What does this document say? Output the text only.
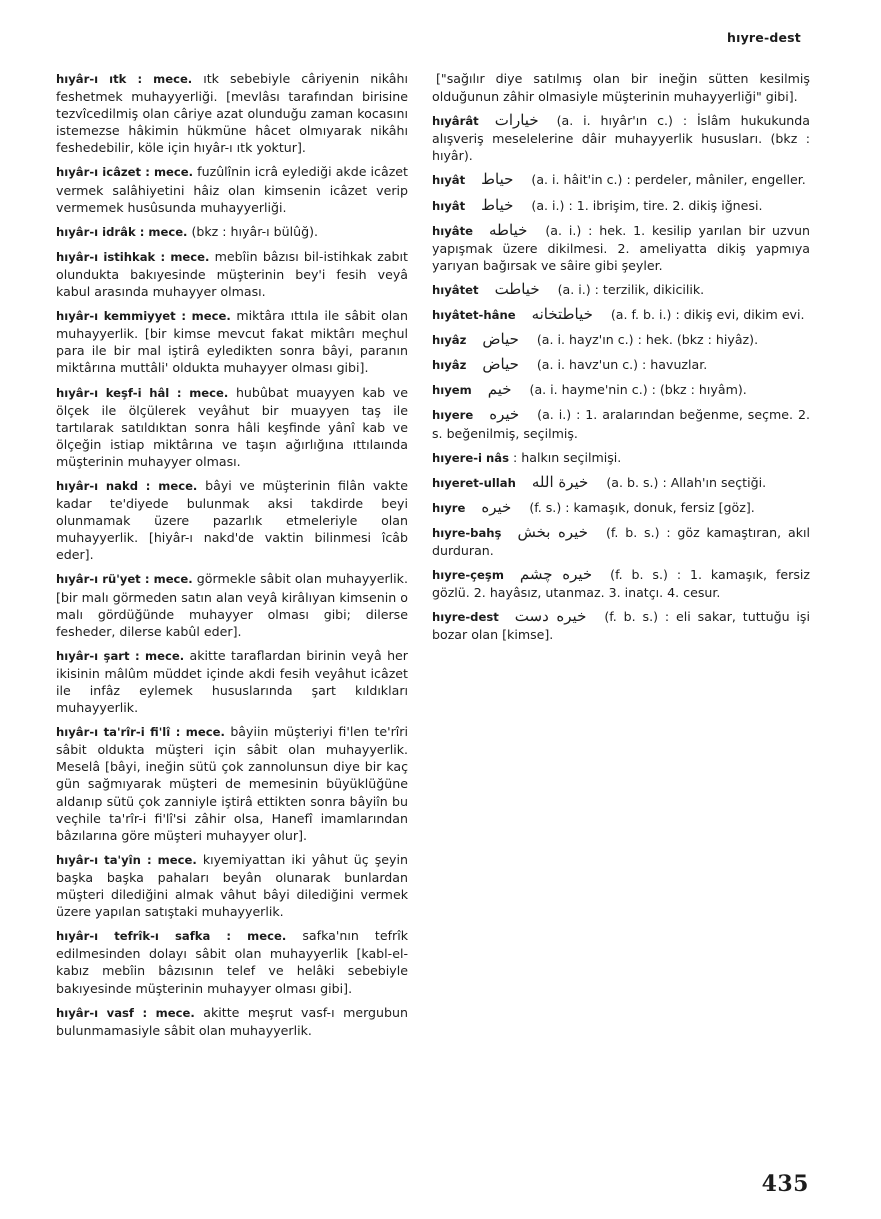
hıyre-dest

hıyâr-ı ıtk : mece. ıtk sebebiyle câriyenin nikâhı feshetmek muhayyerliği. [mevlâsı tarafından birisine tezvîcedilmiş olan câriye azat olunduğu zaman kocasını istemezse hâkimin hükmüne hâcet olmıyarak nikâhı feshedebilir, köle için hıyâr-ı ıtk yoktur].

hıyâr-ı icâzet : mece. fuzûlînin icrâ eylediği akde icâzet vermek salâhiyetini hâiz olan kimsenin icâzet verip vermemek husûsunda muhayyerliği.

hıyâr-ı idrâk : mece. (bkz : hıyâr-ı bülûğ).

hıyâr-ı istihkak : mece. mebîin bâzısı bil-istihkak zabıt olundukta bakıyesinde müşterinin bey'i fesih veyâ kabul arasında muhayyer olması.

hıyâr-ı kemmiyyet : mece. miktâra ıttıla ile sâbit olan muhayyerlik. [bir kimse mevcut fakat miktârı meçhul para ile bir mal iştirâ eyledikten sonra bâyi, paranın miktârına muttâli' oldukta muhayyer olması gibi].

hıyâr-ı keşf-i hâl : mece. hubûbat muayyen kab ve ölçek ile ölçülerek veyâhut bir muayyen taş ile tartılarak satıldıktan sonra hâli keşfinde yânî kab ve ölçeğin istiap miktârına ve taşın ağırlığına ıttılaında müşterinin muhayyer olması.

hıyâr-ı nakd : mece. bâyi ve müşterinin filân vakte kadar te'diyede bulunmak aksi takdirde beyi olunmamak üzere pazarlık etmeleriyle olan muhayyerlik. [hiyâr-ı nakd'de vaktin bilinmesi îcâb eder].

hıyâr-ı rü'yet : mece. görmekle sâbit olan muhayyerlik. [bir malı görmeden satın alan veyâ kirâlıyan kimsenin o malı gördüğünde muhayyer olması gibi; dilerse fesheder, dilerse kabûl eder].

hıyâr-ı şart : mece. akitte taraflardan birinin veyâ her ikisinin mâlûm müddet içinde akdi fesih veyâhut icâzet ile infâz eylemek hususlarında şart kıldıkları muhayyerlik.

hıyâr-ı ta'rîr-i fi'lî : mece. bâyiin müşteriyi fi'len te'rîri sâbit oldukta müşteri için sâbit olan muhayyerlik. Meselâ [bâyi, ineğin sütü çok zannolunsun diye bir kaç gün sağmıyarak müşteri de memesinin büyüklüğüne aldanıp sütü çok zanniyle iştirâ ettikten sonra bâyiîn bu veçhile ta'rîr-i fi'lî'si zâhir olsa, Hanefî imamlarından bâzılarına göre müşteri muhayyer olur].

hıyâr-ı ta'yîn : mece. kıyemiyattan iki yâhut üç şeyin başka başka pahaları beyân olunarak bunlardan müşteri dilediğini almak vâhut bâyi dilediğini vermek üzere yapılan satıştaki muhayyerlik.

hıyâr-ı tefrîk-ı safka : mece. safka'nın tefrîk edilmesinden dolayı sâbit olan muhayyerlik [kabl-el-kabız mebîin bâzısının telef ve helâki sebebiyle bakıyesinde müşterinin muhayyer olması gibi].

hıyâr-ı vasf : mece. akitte meşrut vasf-ı mergubun bulunmamasiyle sâbit olan muhayyerlik.

["sağılır diye satılmış olan bir ineğin sütten kesilmiş olduğunun zâhir olmasiyle müşterinin muhayyerliği" gibi].

hıyârât خيارات (a. i. hıyâr'ın c.) : İslâm hukukunda alışveriş meselelerine dâir muhayyerlik hususları. (bkz : hıyâr).

hıyât حياط (a. i. hâit'in c.) : perdeler, mâniler, engeller.

hıyât خياط (a. i.) : 1. ibrişim, tire. 2. dikiş iğnesi.

hıyâte خياطه (a. i.) : hek. 1. kesilip yarılan bir uzvun yapışmak üzere dikilmesi. 2. ameliyatta dikiş yapmıya yarıyan bağırsak ve sâire gibi şeyler.

hıyâtet خياطت (a. i.) : terzilik, dikicilik.

hıyâtet-hâne خياطتخانه (a. f. b. i.) : dikiş evi, dikim evi.

hıyâz حياض (a. i. hayz'ın c.) : hek. (bkz : hiyâz).

hıyâz حياض (a. i. havz'un c.) : havuzlar.

hıyem خيم (a. i. hayme'nin c.) : (bkz : hıyâm).

hıyere خيره (a. i.) : 1. aralarından beğenme, seçme. 2. s. beğenilmiş, seçilmiş.

hıyere-i nâs : halkın seçilmişi.

hıyeret-ullah خيرة الله (a. b. s.) : Allah'ın seçtiği.

hıyre خيره (f. s.) : kamaşık, donuk, fersiz [göz].

hıyre-bahş خيره بخش (f. b. s.) : göz kamaştıran, akıl durduran.

hıyre-çeşm خيره چشم (f. b. s.) : 1. kamaşık, fersiz gözlü. 2. hayâsız, utanmaz. 3. inatçı. 4. cesur.

hıyre-dest خيره دست (f. b. s.) : eli sakar, tuttuğu işi bozar olan [kimse].

435
